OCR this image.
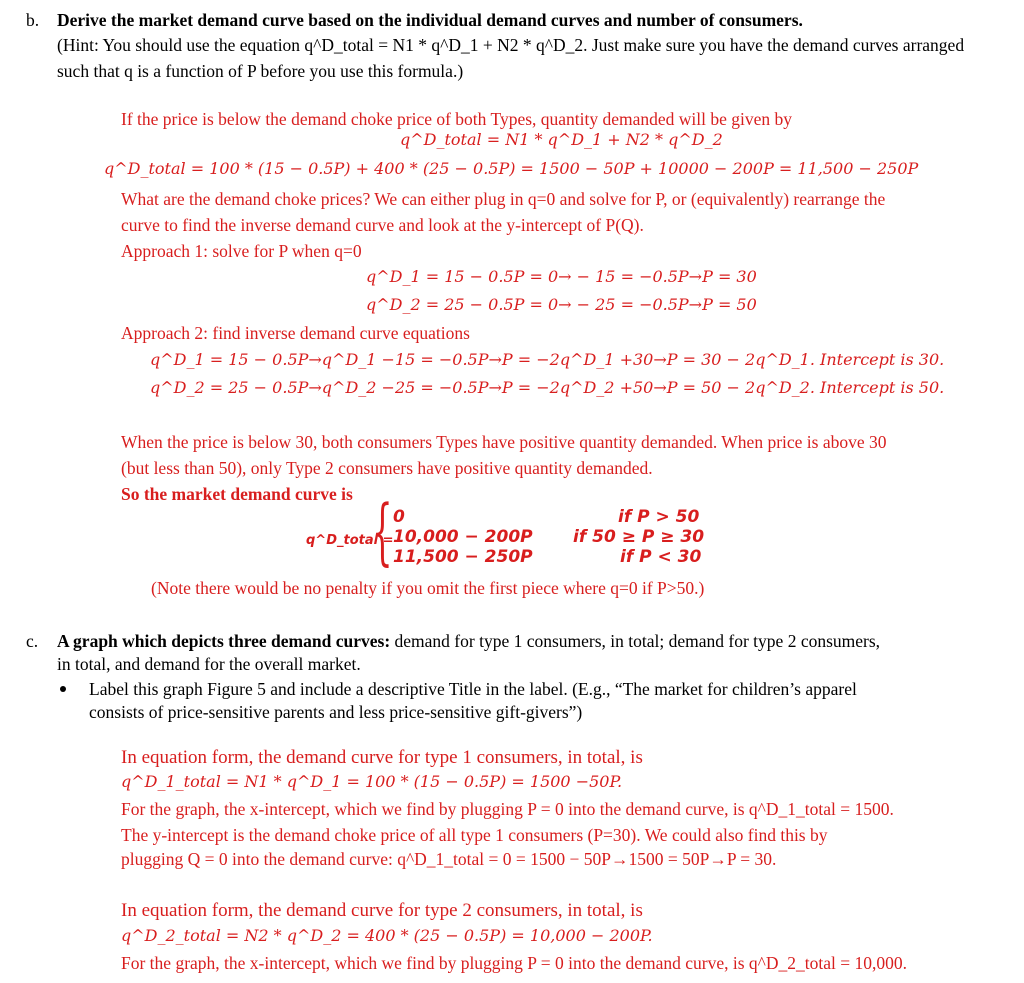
b. Derive the market demand curve based on the individual demand curves and number of consumers.
(Hint: You should use the equation q^D_total = N1 * q^D_1 + N2 * q^D_2. Just make sure you have the demand curves arranged
such that q is a function of P before you use this formula.)
If the price is below the demand choke price of both Types, quantity demanded will be given by
q^D_total = N1 * q^D_1 + N2 * q^D_2
q^D_total = 100 * (15 − 0.5P) + 400 * (25 − 0.5P) = 1500 − 50P + 10000 − 200P = 11,500 − 250P
What are the demand choke prices? We can either plug in q=0 and solve for P, or (equivalently) rearrange the
curve to find the inverse demand curve and look at the y-intercept of P(Q).
Approach 1: solve for P when q=0
q^D_1 = 15 − 0.5P = 0→ − 15 = −0.5P→P = 30
q^D_2 = 25 − 0.5P = 0→ − 25 = −0.5P→P = 50
Approach 2: find inverse demand curve equations
q^D_1 = 15 − 0.5P→q^D_1 −15 = −0.5P→P = −2q^D_1 +30→P = 30 − 2q^D_1. Intercept is 30.
q^D_2 = 25 − 0.5P→q^D_2 −25 = −0.5P→P = −2q^D_2 +50→P = 50 − 2q^D_2. Intercept is 50.
When the price is below 30, both consumers Types have positive quantity demanded. When price is above 30
(but less than 50), only Type 2 consumers have positive quantity demanded.
So the market demand curve is
q^D_total =
{ 0
10,000 − 200P
11,500 − 250P
if P > 50
if 50 ≥ P ≥ 30
if P < 30
(Note there would be no penalty if you omit the first piece where q=0 if P>50.)
c. A graph which depicts three demand curves: demand for type 1 consumers, in total; demand for type 2 consumers,
in total, and demand for the overall market.
Label this graph Figure 5 and include a descriptive Title in the label. (E.g., “The market for children’s apparel
consists of price-sensitive parents and less price-sensitive gift-givers”)
In equation form, the demand curve for type 1 consumers, in total, is
q^D_1_total = N1 * q^D_1 = 100 * (15 − 0.5P) = 1500 −50P.
For the graph, the x-intercept, which we find by plugging P = 0 into the demand curve, is q^D_1_total = 1500.
The y-intercept is the demand choke price of all type 1 consumers (P=30). We could also find this by
plugging Q = 0 into the demand curve: q^D_1_total = 0 = 1500 − 50P→1500 = 50P→P = 30.
In equation form, the demand curve for type 2 consumers, in total, is
q^D_2_total = N2 * q^D_2 = 400 * (25 − 0.5P) = 10,000 − 200P.
For the graph, the x-intercept, which we find by plugging P = 0 into the demand curve, is q^D_2_total = 10,000.
